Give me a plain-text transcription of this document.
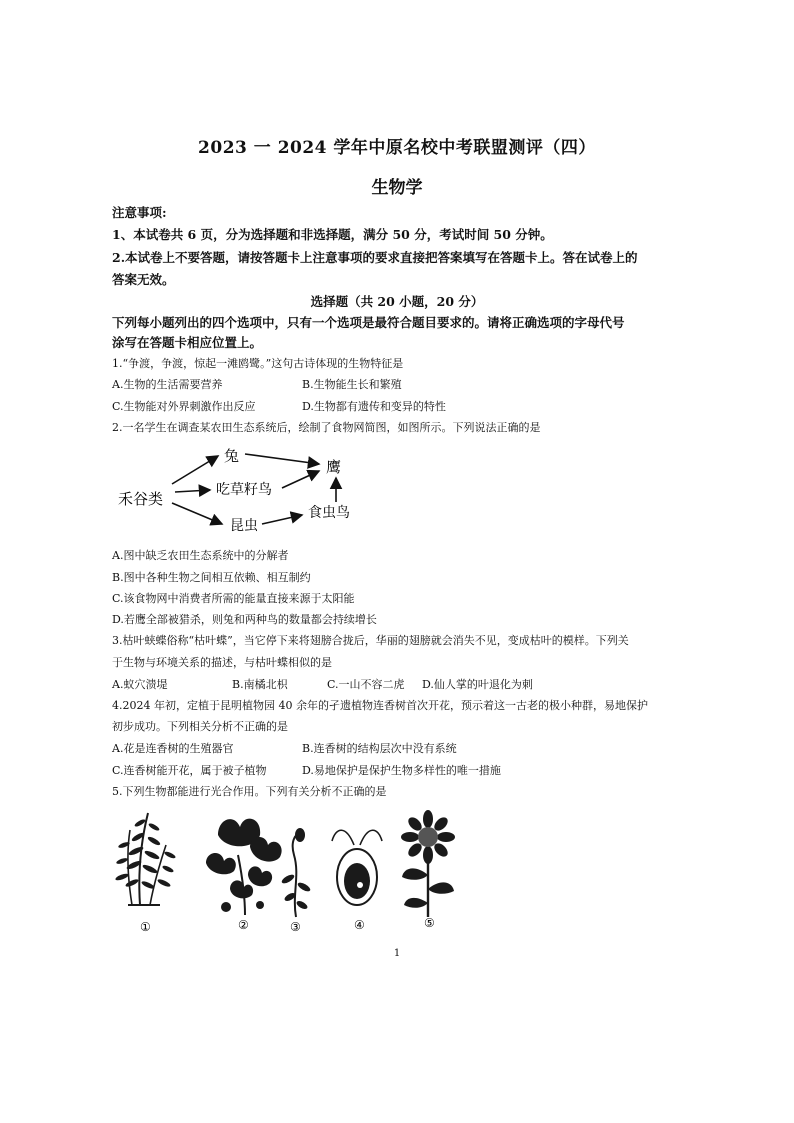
2023 一 2024 学年中原名校中考联盟测评（四）
生物学
注意事项:
1、本试卷共 6 页，分为选择题和非选择题，满分 50 分，考试时间 50 分钟。
2.本试卷上不要答题，请按答题卡上注意事项的要求直接把答案填写在答题卡上。答在试卷上的
答案无效。
选择题（共 20 小题，20 分）
下列每小题列出的四个选项中，只有一个选项是最符合题目要求的。请将正确选项的字母代号
涂写在答题卡相应位置上。
1.“争渡，争渡，惊起一滩鸥鹭。”这句古诗体现的生物特征是
A.生物的生活需要营养	B.生物能生长和繁殖
C.生物能对外界刺激作出反应	D.生物都有遗传和变异的特性
2.一名学生在调查某农田生态系统后，绘制了食物网简图，如图所示。下列说法正确的是
兔
鹰
禾谷类	吃草籽鸟
昆虫
食虫鸟
A.图中缺乏农田生态系统中的分解者
B.图中各种生物之间相互依赖、相互制约
C.该食物网中消费者所需的能量直接来源于太阳能
D.若鹰全部被猎杀，则兔和两种鸟的数量都会持续增长
3.枯叶蛱蝶俗称“枯叶蝶”，当它停下来将翅膀合拢后，华丽的翅膀就会消失不见，变成枯叶的模样。下列关
于生物与环境关系的描述，与枯叶蝶相似的是
A.蚁穴溃堤	B.南橘北枳	C.一山不容二虎 D.仙人掌的叶退化为刺
4.2024 年初，定植于昆明植物园 40 余年的孑遗植物连香树首次开花，预示着这一古老的极小种群，易地保护
初步成功。下列相关分析不正确的是
A.花是连香树的生殖器官	B.连香树的结构层次中没有系统
C.连香树能开花，属于被子植物	D.易地保护是保护生物多样性的唯一措施
5.下列生物都能进行光合作用。下列有关分析不正确的是
①	②	③	④	⑤
1
